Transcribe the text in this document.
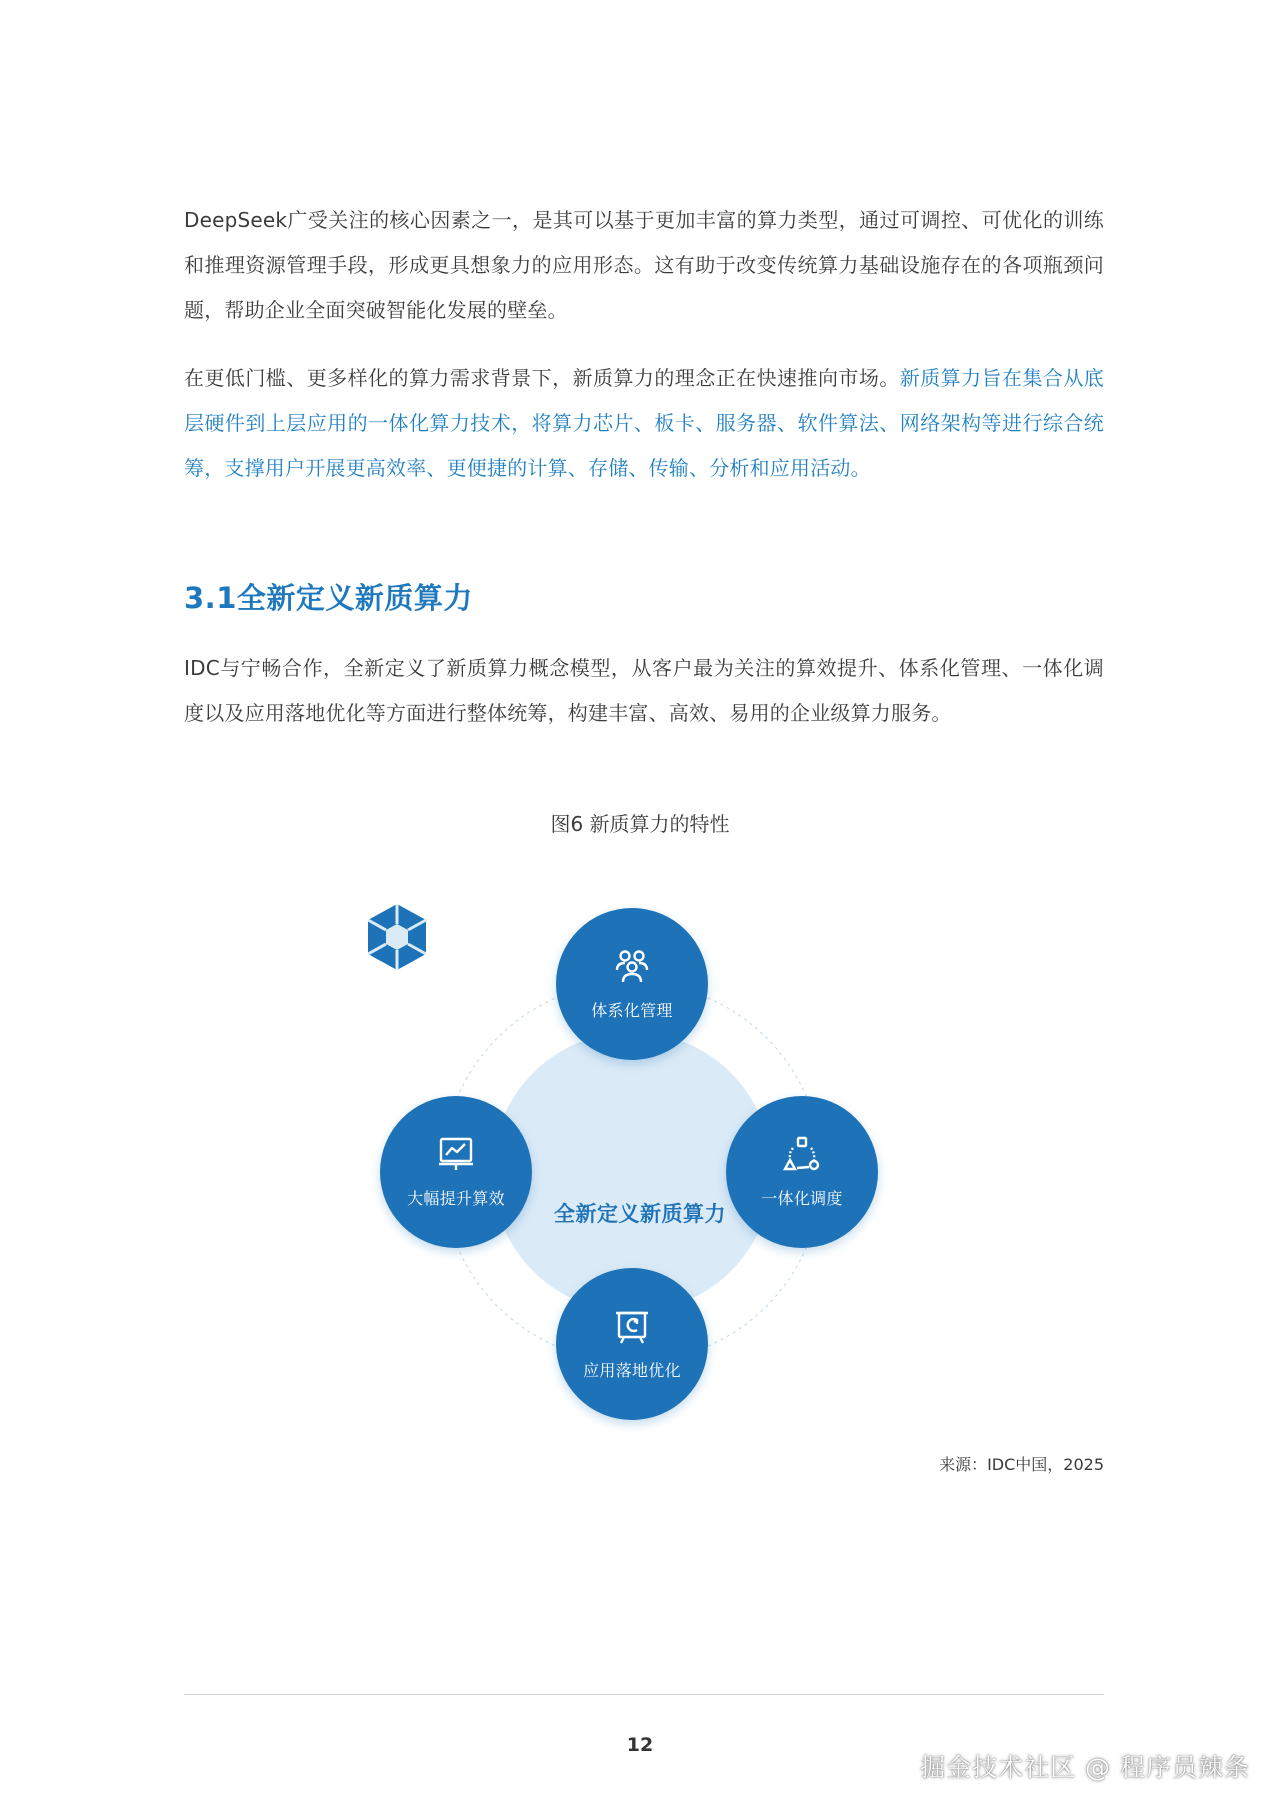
DeepSeek广受关注的核心因素之一，是其可以基于更加丰富的算力类型，通过可调控、可优化的训练和推理资源管理手段，形成更具想象力的应用形态。这有助于改变传统算力基础设施存在的各项瓶颈问题，帮助企业全面突破智能化发展的壁垒。

在更低门槛、更多样化的算力需求背景下，新质算力的理念正在快速推向市场。新质算力旨在集合从底层硬件到上层应用的一体化算力技术，将算力芯片、板卡、服务器、软件算法、网络架构等进行综合统筹，支撑用户开展更高效率、更便捷的计算、存储、传输、分析和应用活动。

3.1全新定义新质算力

IDC与宁畅合作，全新定义了新质算力概念模型，从客户最为关注的算效提升、体系化管理、一体化调度以及应用落地优化等方面进行整体统筹，构建丰富、高效、易用的企业级算力服务。

图6 新质算力的特性
全新定义新质算力
体系化管理
大幅提升算效	一体化调度
应用落地优化
来源：IDC中国，2025
12
掘金技术社区 @ 程序员辣条
